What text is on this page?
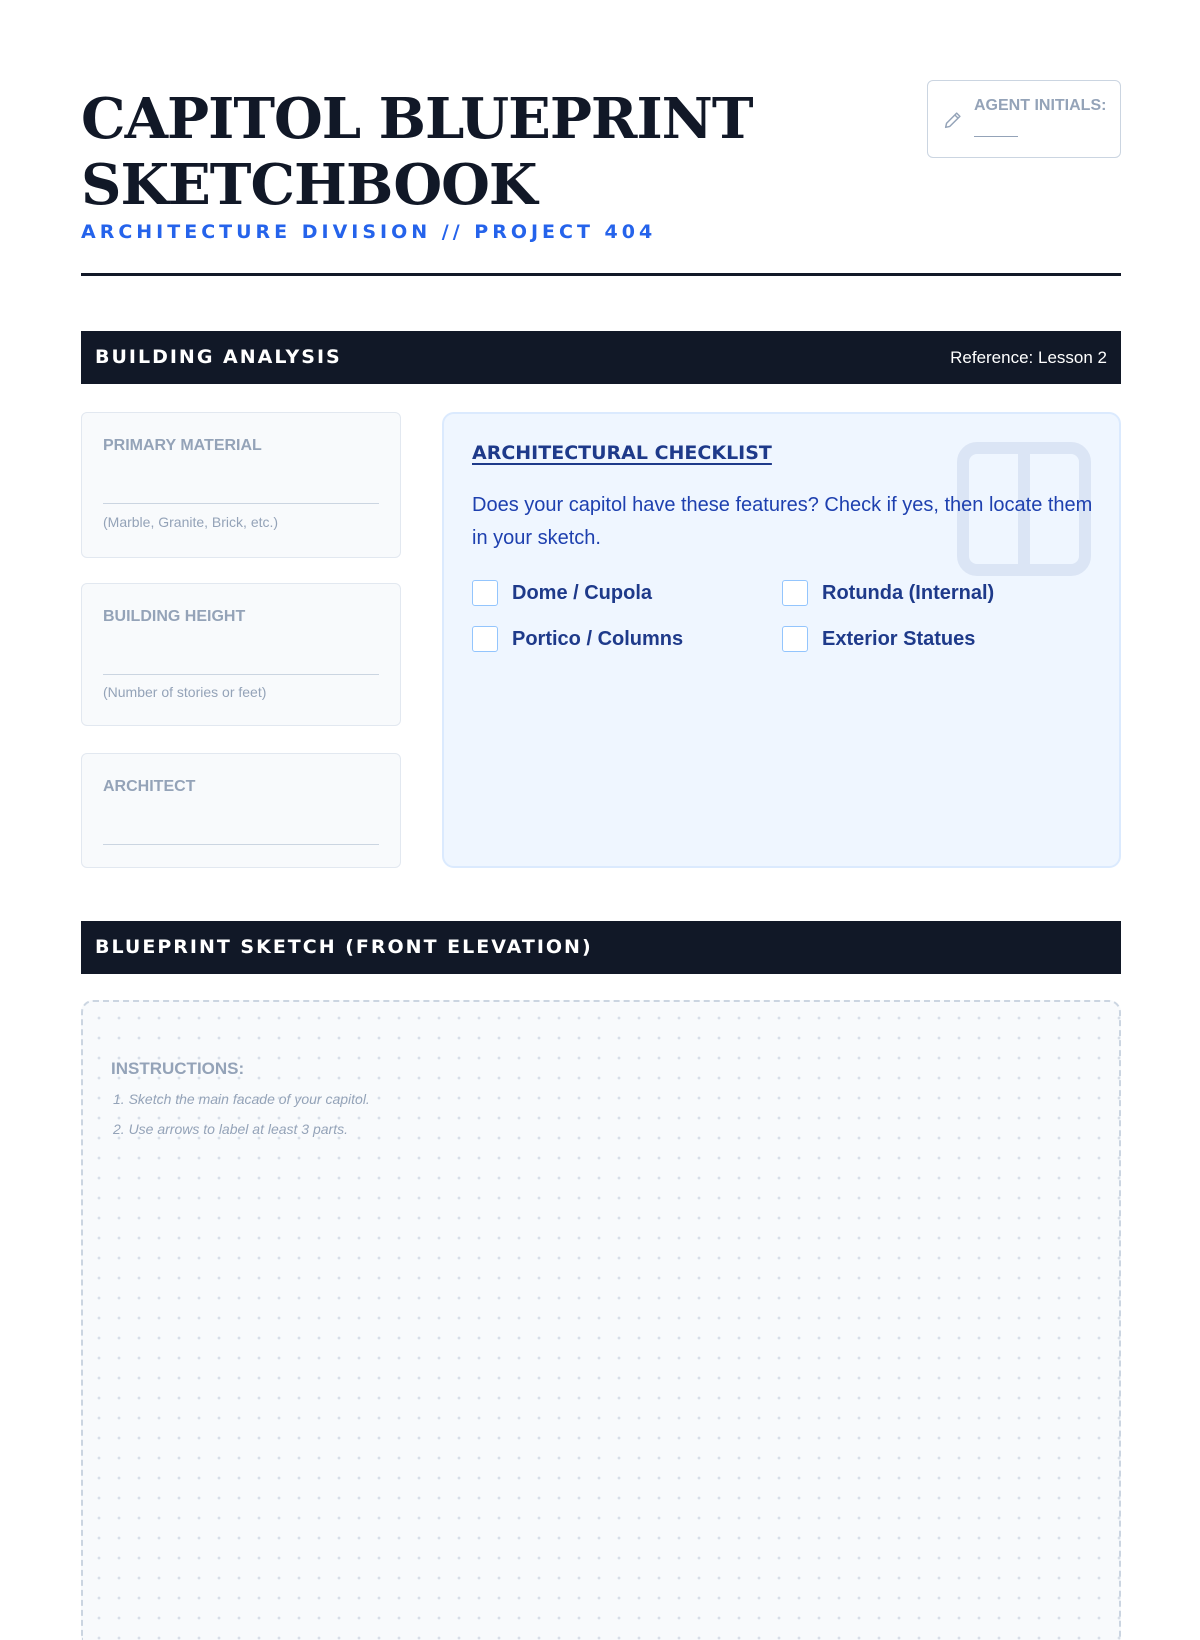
CAPITOL BLUEPRINT
SKETCHBOOK
ARCHITECTURE DIVISION // PROJECT 404
AGENT INITIALS:
BUILDING ANALYSIS	Reference: Lesson 2
PRIMARY MATERIAL
(Marble, Granite, Brick, etc.)
BUILDING HEIGHT
(Number of stories or feet)
ARCHITECT
ARCHITECTURAL CHECKLIST

Does your capitol have these features? Check if yes, then locate them in your sketch.

Dome / Cupola	Rotunda (Internal)
Portico / Columns	Exterior Statues
BLUEPRINT SKETCH (FRONT ELEVATION)
INSTRUCTIONS:
1. Sketch the main facade of your capitol.
2. Use arrows to label at least 3 parts.
